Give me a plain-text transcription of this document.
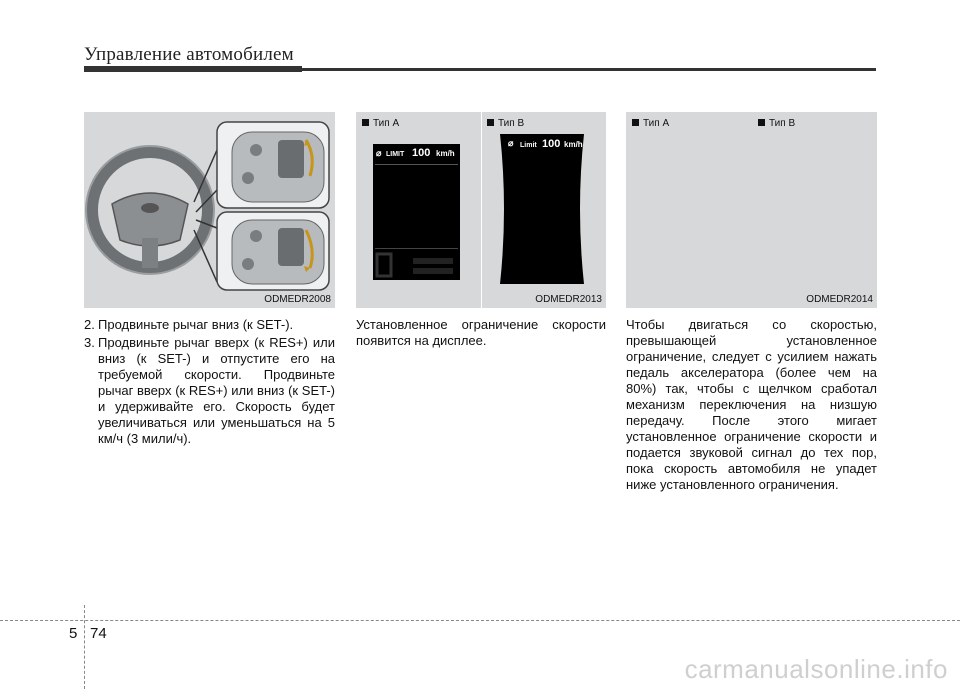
Управление автомобилем
ODMEDR2008
Тип A	Тип B
⌀ LIMIT 100 km/h
⌀ Limit 100 km/h
ODMEDR2013
Тип A	Тип B
ODMEDR2014
2. Продвиньте рычаг вниз (к SET-).
3. Продвиньте рычаг вверх (к RES+) или вниз (к SET-) и отпустите его на требуемой скорости. Продвиньте рычаг вверх (к RES+) или вниз (к SET-) и удерживайте его. Скорость будет увеличиваться или уменьшаться на 5 км/ч (3 мили/ч).
Установленное ограничение скорости появится на дисплее.
Чтобы двигаться со скоростью, превышающей установленное ограничение, следует с усилием нажать педаль акселератора (более чем на 80%) так, чтобы с щелчком сработал механизм переключения на низшую передачу. После этого мигает установленное ограничение скорости и подается звуковой сигнал до тех пор, пока скорость автомобиля не упадет ниже установленного ограничения.
5 74
carmanualsonline.info
